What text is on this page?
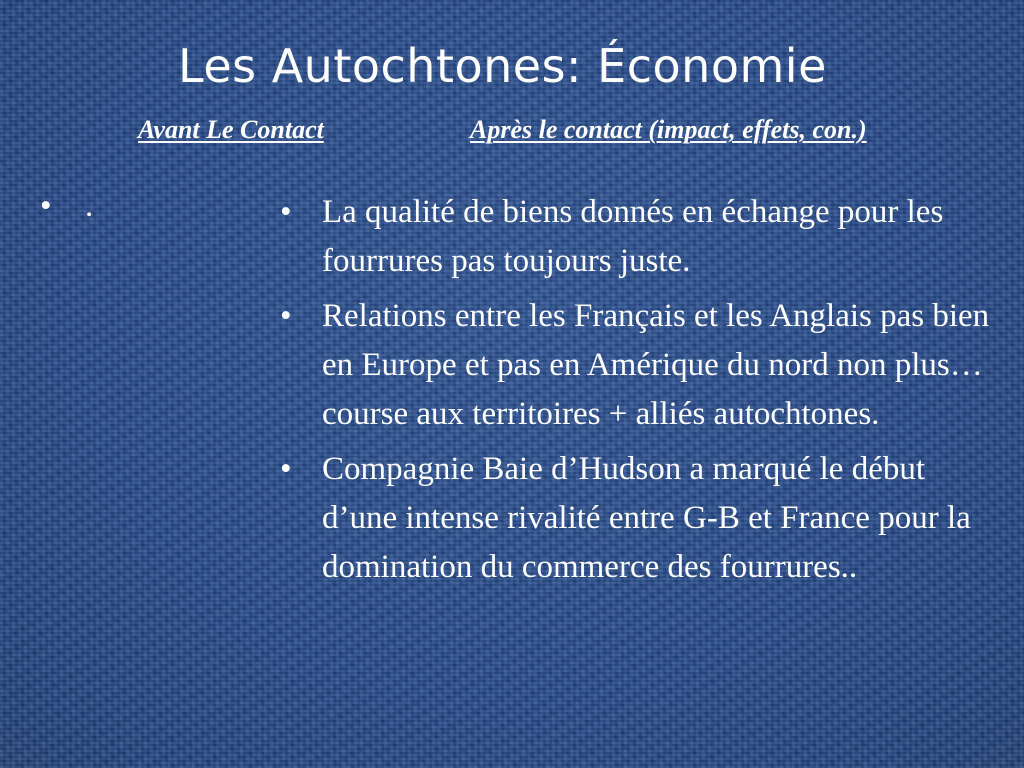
Les Autochtones: Économie
Avant Le Contact	Après le contact (impact, effets, con.)
• .	• La qualité de biens donnés en échange pour les fourrures pas toujours juste.
• Relations entre les Français et les Anglais pas bien en Europe et pas en Amérique du nord non plus…course aux territoires + alliés autochtones.
• Compagnie Baie d’Hudson a marqué le début d’une intense rivalité entre G-B et France pour la domination du commerce des fourrures..
